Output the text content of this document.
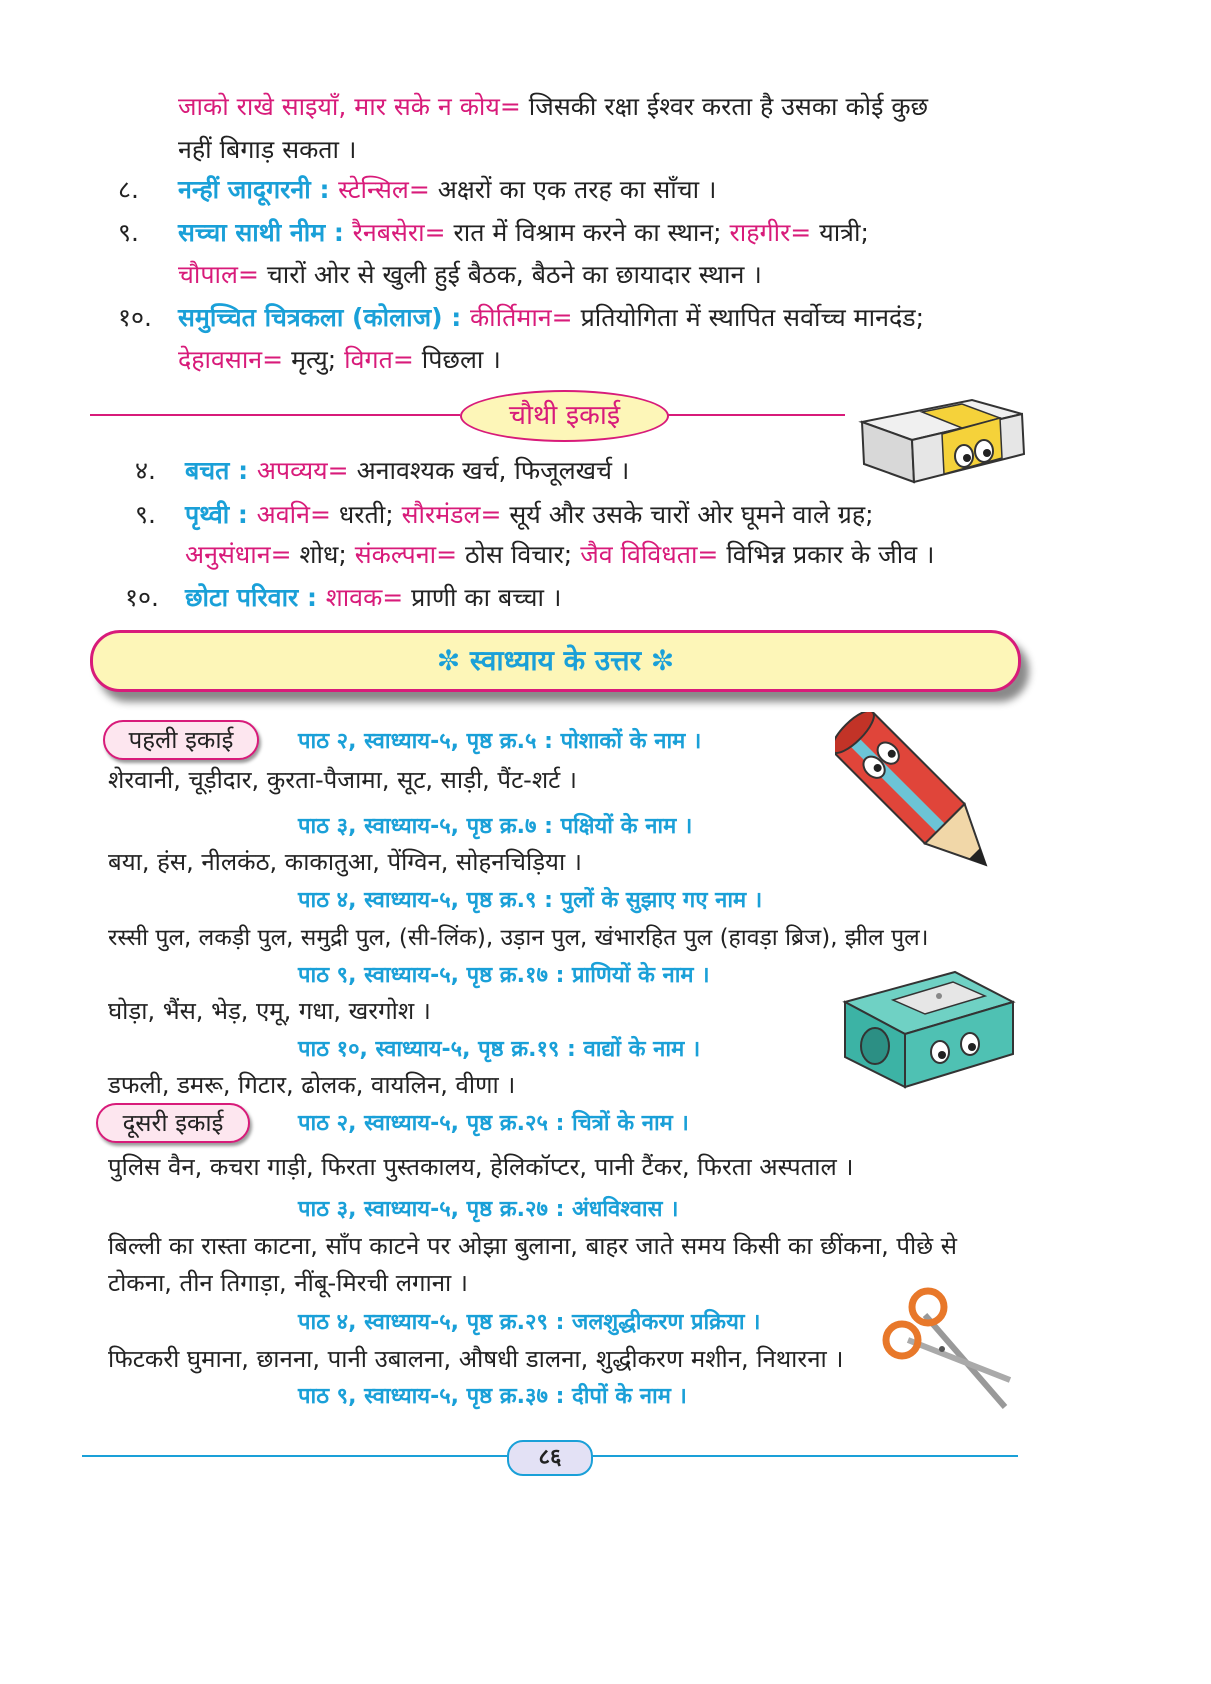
जाको राखे साइयाँ, मार सके न कोय= जिसकी रक्षा ईश्वर करता है उसका कोई कुछ
नहीं बिगाड़ सकता ।
८. नन्हीं जादूगरनी : स्टेन्सिल= अक्षरों का एक तरह का साँचा ।
९. सच्चा साथी नीम : रैनबसेरा= रात में विश्राम करने का स्थान; राहगीर= यात्री;
चौपाल= चारों ओर से खुली हुई बैठक, बैठने का छायादार स्थान ।
१०. समुच्चित चित्रकला (कोलाज) : कीर्तिमान= प्रतियोगिता में स्थापित सर्वोच्च मानदंड;
देहावसान= मृत्यु; विगत= पिछला ।
चौथी इकाई
४. बचत : अपव्यय= अनावश्यक खर्च, फिजूलखर्च ।
९. पृथ्वी : अवनि= धरती; सौरमंडल= सूर्य और उसके चारों ओर घूमने वाले ग्रह;
अनुसंधान= शोध; संकल्पना= ठोस विचार; जैव विविधता= विभिन्न प्रकार के जीव ।
१०. छोटा परिवार : शावक= प्राणी का बच्चा ।
✼ स्वाध्याय के उत्तर ✼
पहली इकाई
दूसरी इकाई
पाठ २, स्वाध्याय-५, पृष्ठ क्र.५ : पोशाकों के नाम ।
शेरवानी, चूड़ीदार, कुरता-पैजामा, सूट, साड़ी, पैंट-शर्ट ।
पाठ ३, स्वाध्याय-५, पृष्ठ क्र.७ : पक्षियों के नाम ।
बया, हंस, नीलकंठ, काकातुआ, पेंग्विन, सोहनचिड़िया ।
पाठ ४, स्वाध्याय-५, पृष्ठ क्र.९ : पुलों के सुझाए गए नाम ।
रस्सी पुल, लकड़ी पुल, समुद्री पुल, (सी-लिंक), उड़ान पुल, खंभारहित पुल (हावड़ा ब्रिज), झील पुल।
पाठ ९, स्वाध्याय-५, पृष्ठ क्र.१७ : प्राणियों के नाम ।
घोड़ा, भैंस, भेड़, एमू, गधा, खरगोश ।
पाठ १०, स्वाध्याय-५, पृष्ठ क्र.१९ : वाद्यों के नाम ।
डफली, डमरू, गिटार, ढोलक, वायलिन, वीणा ।
पाठ २, स्वाध्याय-५, पृष्ठ क्र.२५ : चित्रों के नाम ।
पुलिस वैन, कचरा गाड़ी, फिरता पुस्तकालय, हेलिकॉप्टर, पानी टैंकर, फिरता अस्पताल ।
पाठ ३, स्वाध्याय-५, पृष्ठ क्र.२७ : अंधविश्वास ।
बिल्ली का रास्ता काटना, साँप काटने पर ओझा बुलाना, बाहर जाते समय किसी का छींकना, पीछे से
टोकना, तीन तिगाड़ा, नींबू-मिरची लगाना ।
पाठ ४, स्वाध्याय-५, पृष्ठ क्र.२९ : जलशुद्धीकरण प्रक्रिया ।
फिटकरी घुमाना, छानना, पानी उबालना, औषधी डालना, शुद्धीकरण मशीन, निथारना ।
पाठ ९, स्वाध्याय-५, पृष्ठ क्र.३७ : दीपों के नाम ।
८६
